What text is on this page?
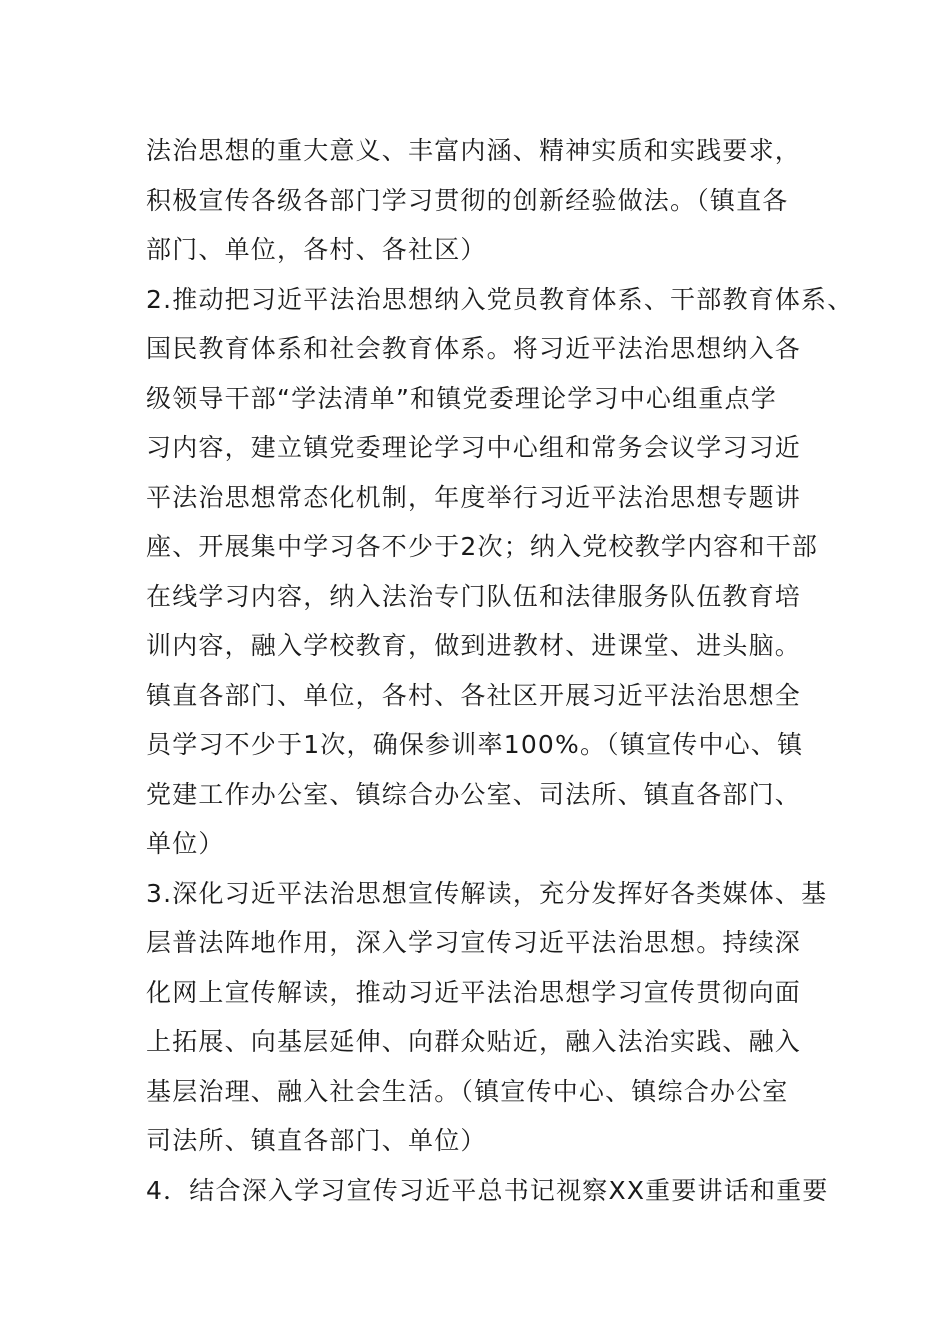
法治思想的重大意义、丰富内涵、精神实质和实践要求，
积极宣传各级各部门学习贯彻的创新经验做法。（镇直各
部门、单位，各村、各社区）
2.推动把习近平法治思想纳入党员教育体系、干部教育体系、
国民教育体系和社会教育体系。将习近平法治思想纳入各
级领导干部“学法清单”和镇党委理论学习中心组重点学
习内容，建立镇党委理论学习中心组和常务会议学习习近
平法治思想常态化机制，年度举行习近平法治思想专题讲
座、开展集中学习各不少于2次；纳入党校教学内容和干部
在线学习内容，纳入法治专门队伍和法律服务队伍教育培
训内容，融入学校教育，做到进教材、进课堂、进头脑。
镇直各部门、单位，各村、各社区开展习近平法治思想全
员学习不少于1次，确保参训率100%。（镇宣传中心、镇
党建工作办公室、镇综合办公室、司法所、镇直各部门、
单位）
3.深化习近平法治思想宣传解读，充分发挥好各类媒体、基
层普法阵地作用，深入学习宣传习近平法治思想。持续深
化网上宣传解读，推动习近平法治思想学习宣传贯彻向面
上拓展、向基层延伸、向群众贴近，融入法治实践、融入
基层治理、融入社会生活。（镇宣传中心、镇综合办公室
司法所、镇直各部门、单位）
4．结合深入学习宣传习近平总书记视察XX重要讲话和重要
